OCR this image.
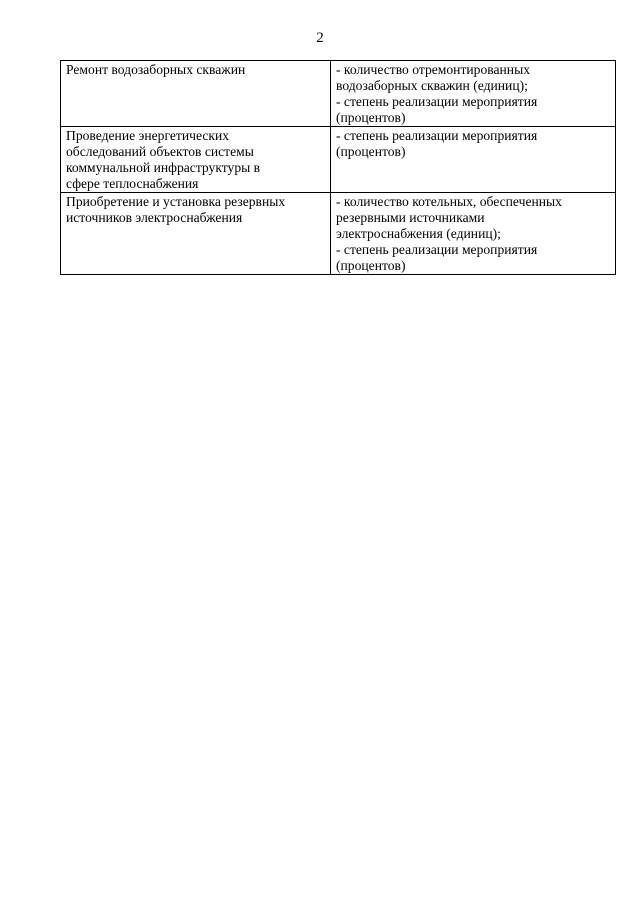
2
Ремонт водозаборных скважин	- количество отремонтированных
водозаборных скважин (единиц);
- степень реализации мероприятия
(процентов)

Проведение энергетических
обследований объектов системы
коммунальной инфраструктуры в
сфере теплоснабжения	- степень реализации мероприятия
(процентов)

Приобретение и установка резервных
источников электроснабжения	- количество котельных, обеспеченных
резервными источниками
электроснабжения (единиц);
- степень реализации мероприятия
(процентов)
